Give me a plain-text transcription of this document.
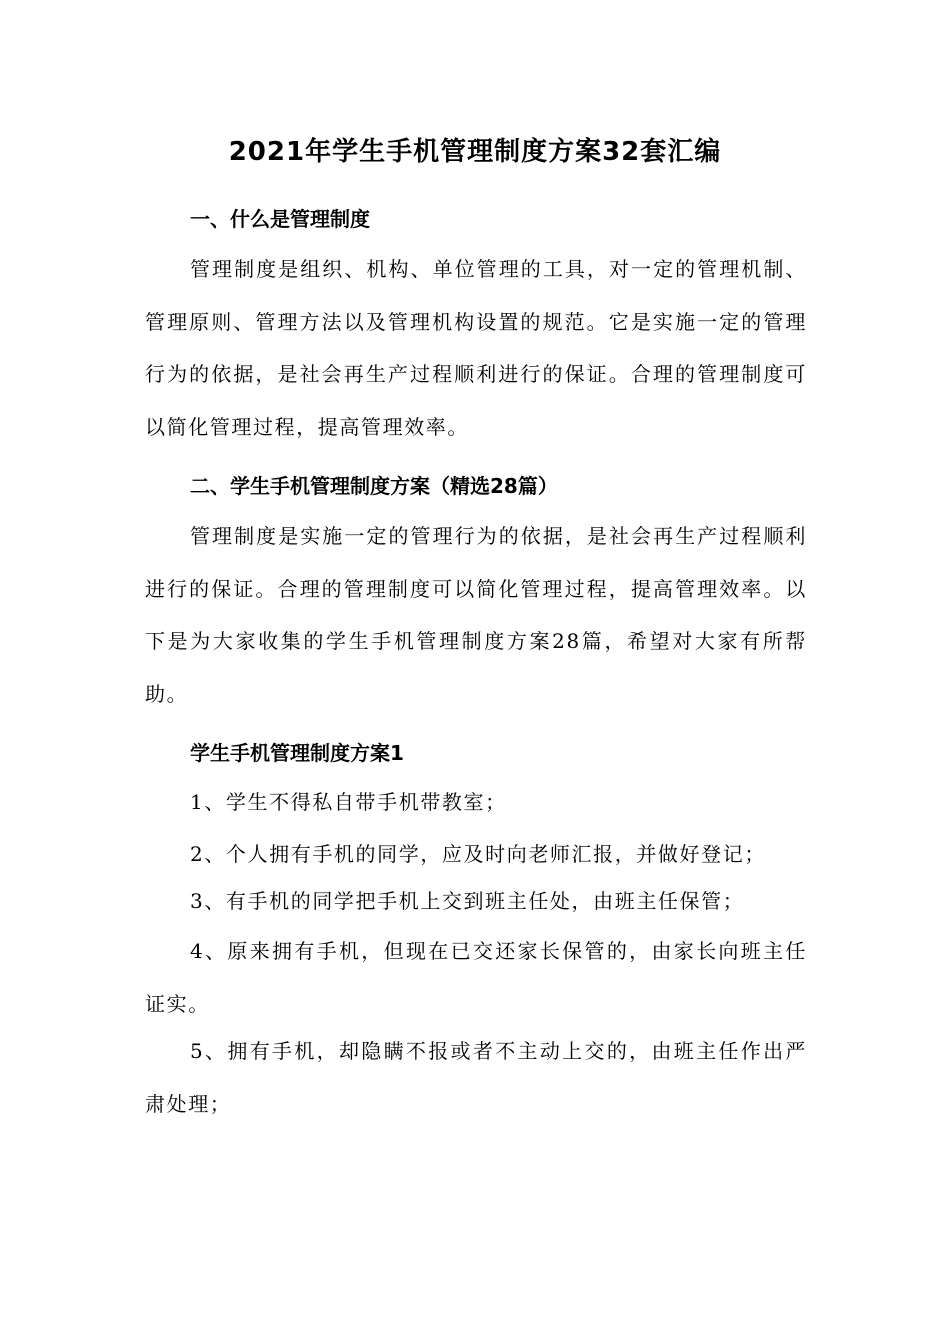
2021年学生手机管理制度方案32套汇编
一、什么是管理制度
管理制度是组织、机构、单位管理的工具，对一定的管理机制、管理原则、管理方法以及管理机构设置的规范。它是实施一定的管理行为的依据，是社会再生产过程顺利进行的保证。合理的管理制度可以简化管理过程，提高管理效率。
二、学生手机管理制度方案（精选28篇）
管理制度是实施一定的管理行为的依据，是社会再生产过程顺利进行的保证。合理的管理制度可以简化管理过程，提高管理效率。以下是为大家收集的学生手机管理制度方案28篇，希望对大家有所帮助。
学生手机管理制度方案1
1、学生不得私自带手机带教室；
2、个人拥有手机的同学，应及时向老师汇报，并做好登记；
3、有手机的同学把手机上交到班主任处，由班主任保管；
4、原来拥有手机，但现在已交还家长保管的，由家长向班主任证实。
5、拥有手机，却隐瞒不报或者不主动上交的，由班主任作出严肃处理；
